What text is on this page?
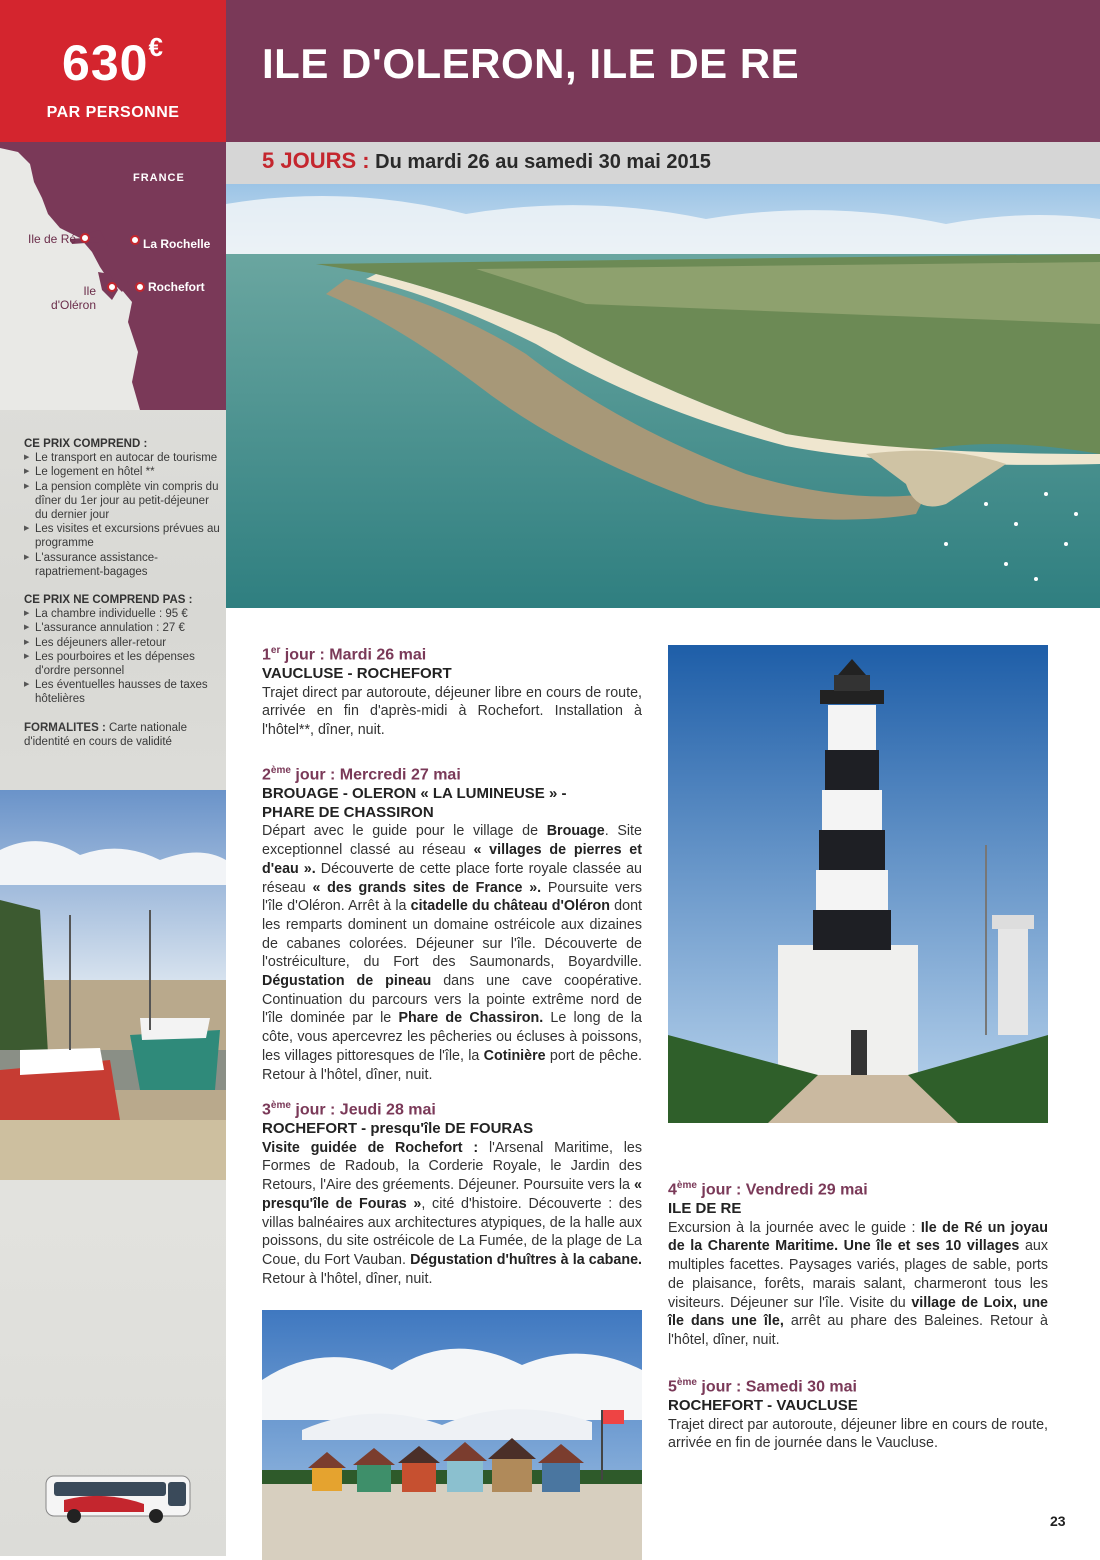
630€
PAR PERSONNE
FRANCE
Ile de Ré	La Rochelle
Rochefort
Ile
d'Oléron
CE PRIX COMPREND :
▶ Le transport en autocar de tourisme
▶ Le logement en hôtel **
▶ La pension complète vin compris du dîner du 1er jour au petit-déjeuner du dernier jour
▶ Les visites et excursions prévues au programme
▶ L'assurance assistance-rapatriement-bagages
CE PRIX NE COMPREND PAS :
▶ La chambre individuelle : 95 €
▶ L'assurance annulation : 27 €
▶ Les déjeuners aller-retour
▶ Les pourboires et les dépenses d'ordre personnel
▶ Les éventuelles hausses de taxes hôtelières
FORMALITES : Carte nationale d'identité en cours de validité
ILE D'OLERON, ILE DE RE
5 JOURS : Du mardi 26 au samedi 30 mai 2015
1er jour : Mardi 26 mai
VAUCLUSE - ROCHEFORT

Trajet direct par autoroute, déjeuner libre en cours de route, arrivée en fin d'après-midi à Rochefort. Installation à l'hôtel**, dîner, nuit.

2ème jour : Mercredi 27 mai
BROUAGE - OLERON « LA LUMINEUSE » -
PHARE DE CHASSIRON

Départ avec le guide pour le village de Brouage. Site exceptionnel classé au réseau « villages de pierres et d'eau ». Découverte de cette place forte royale classée au réseau « des grands sites de France ». Poursuite vers l'île d'Oléron. Arrêt à la citadelle du château d'Oléron dont les remparts dominent un domaine ostréicole aux dizaines de cabanes colorées. Déjeuner sur l'île. Découverte de l'ostréiculture, du Fort des Saumonards, Boyardville. Dégustation de pineau dans une cave coopérative. Continuation du parcours vers la pointe extrême nord de l'île dominée par le Phare de Chassiron. Le long de la côte, vous apercevrez les pêcheries ou écluses à poissons, les villages pittoresques de l'île, la Cotinière port de pêche. Retour à l'hôtel, dîner, nuit.

3ème jour : Jeudi 28 mai
ROCHEFORT - presqu'île DE FOURAS

Visite guidée de Rochefort : l'Arsenal Maritime, les Formes de Radoub, la Corderie Royale, le Jardin des Retours, l'Aire des gréements. Déjeuner. Poursuite vers la « presqu'île de Fouras », cité d'histoire. Découverte : des villas balnéaires aux architectures atypiques, de la halle aux poissons, du site ostréicole de La Fumée, de la plage de La Coue, du Fort Vauban. Dégustation d'huîtres à la cabane. Retour à l'hôtel, dîner, nuit.

4ème jour : Vendredi 29 mai
ILE DE RE

Excursion à la journée avec le guide : Ile de Ré un joyau de la Charente Maritime. Une île et ses 10 villages aux multiples facettes. Paysages variés, plages de sable, ports de plaisance, forêts, marais salant, charmeront tous les visiteurs. Déjeuner sur l'île. Visite du village de Loix, une île dans une île, arrêt au phare des Baleines. Retour à l'hôtel, dîner, nuit.

5ème jour : Samedi 30 mai
ROCHEFORT - VAUCLUSE

Trajet direct par autoroute, déjeuner libre en cours de route, arrivée en fin de journée dans le Vaucluse.

23
